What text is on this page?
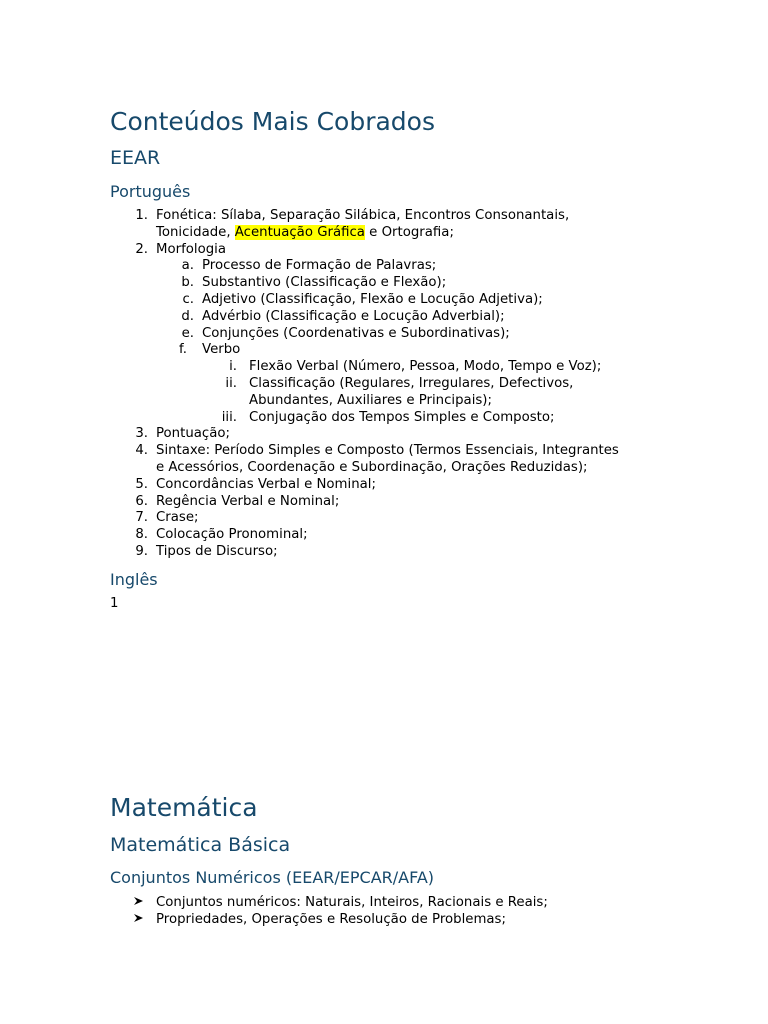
Conteúdos Mais Cobrados
EEAR
Português
1. Fonética: Sílaba, Separação Silábica, Encontros Consonantais,
Tonicidade, Acentuação Gráfica e Ortografia;
2. Morfologia
a. Processo de Formação de Palavras;
b. Substantivo (Classificação e Flexão);
c. Adjetivo (Classificação, Flexão e Locução Adjetiva);
d. Advérbio (Classificação e Locução Adverbial);
e. Conjunções (Coordenativas e Subordinativas);
f. Verbo
i. Flexão Verbal (Número, Pessoa, Modo, Tempo e Voz);
ii. Classificação (Regulares, Irregulares, Defectivos,
Abundantes, Auxiliares e Principais);
iii. Conjugação dos Tempos Simples e Composto;
3. Pontuação;
4. Sintaxe: Período Simples e Composto (Termos Essenciais, Integrantes
e Acessórios, Coordenação e Subordinação, Orações Reduzidas);
5. Concordâncias Verbal e Nominal;
6. Regência Verbal e Nominal;
7. Crase;
8. Colocação Pronominal;
9. Tipos de Discurso;
Inglês
1
Matemática
Matemática Básica
Conjuntos Numéricos (EEAR/EPCAR/AFA)
Conjuntos numéricos: Naturais, Inteiros, Racionais e Reais;
Propriedades, Operações e Resolução de Problemas;
